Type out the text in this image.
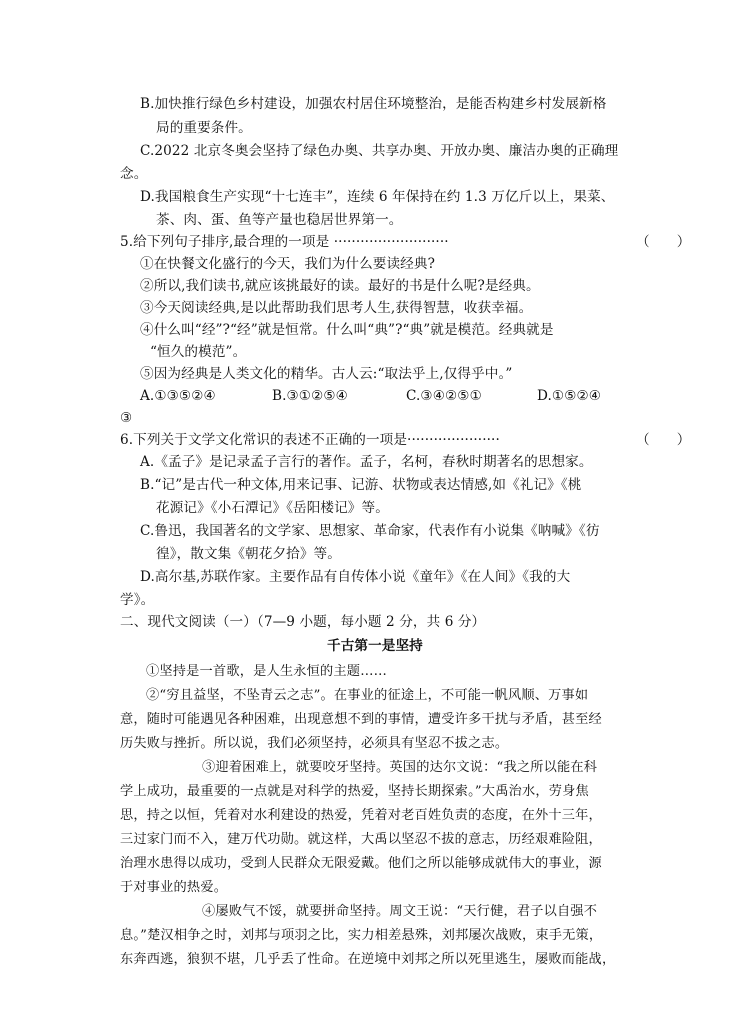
B.加快推行绿色乡村建设，加强农村居住环境整治，是能否构建乡村发展新格
局的重要条件。
C.2022 北京冬奥会坚持了绿色办奥、共享办奥、开放办奥、廉洁办奥的正确理
念。
D.我国粮食生产实现“十七连丰”，连续 6 年保持在约 1.3 万亿斤以上，果菜、
茶、肉、蛋、鱼等产量也稳居世界第一。
5.给下列句子排序,最合理的一项是 ··························	（　　）
①在快餐文化盛行的今天，我们为什么要读经典?
②所以,我们读书,就应该挑最好的读。最好的书是什么呢?是经典。
③今天阅读经典,是以此帮助我们思考人生,获得智慧，收获幸福。
④什么叫“经”?“经”就是恒常。什么叫“典”?“典”就是模范。经典就是
“恒久的模范”。
⑤因为经典是人类文化的精华。古人云:“取法乎上,仅得乎中。”
A.①③⑤②④	B.③①②⑤④	C.③④②⑤①	D.①⑤②④
③
6.下列关于文学文化常识的表述不正确的一项是·····················	（　　）
A.《孟子》是记录孟子言行的著作。孟子，名柯，春秋时期著名的思想家。
B.“记”是古代一种文体,用来记事、记游、状物或表达情感,如《礼记》《桃
花源记》《小石潭记》《岳阳楼记》等。
C.鲁迅，我国著名的文学家、思想家、革命家，代表作有小说集《呐喊》《彷
徨》，散文集《朝花夕拾》等。
D.高尔基,苏联作家。主要作品有自传体小说《童年》《在人间》《我的大
学》。
二、现代文阅读（一）（7—9 小题，每小题 2 分，共 6 分）
千古第一是坚持
①坚持是一首歌，是人生永恒的主题……
②“穷且益坚，不坠青云之志”。在事业的征途上，不可能一帆风顺、万事如
意，随时可能遇见各种困难，出现意想不到的事情，遭受许多干扰与矛盾，甚至经
历失败与挫折。所以说，我们必须坚持，必须具有坚忍不拔之志。
③迎着困难上，就要咬牙坚持。英国的达尔文说：“我之所以能在科
学上成功，最重要的一点就是对科学的热爱，坚持长期探索。”大禹治水，劳身焦
思，持之以恒，凭着对水利建设的热爱，凭着对老百姓负责的态度，在外十三年，
三过家门而不入，建万代功勋。就这样，大禹以坚忍不拔的意志，历经艰难险阻，
治理水患得以成功，受到人民群众无限爱戴。他们之所以能够成就伟大的事业，源
于对事业的热爱。
④屡败气不馁，就要拼命坚持。周文王说：“天行健，君子以自强不
息。”楚汉相争之时，刘邦与项羽之比，实力相差悬殊，刘邦屡次战败，束手无策，
东奔西逃，狼狈不堪，几乎丢了性命。在逆境中刘邦之所以死里逃生，屡败而能战，
